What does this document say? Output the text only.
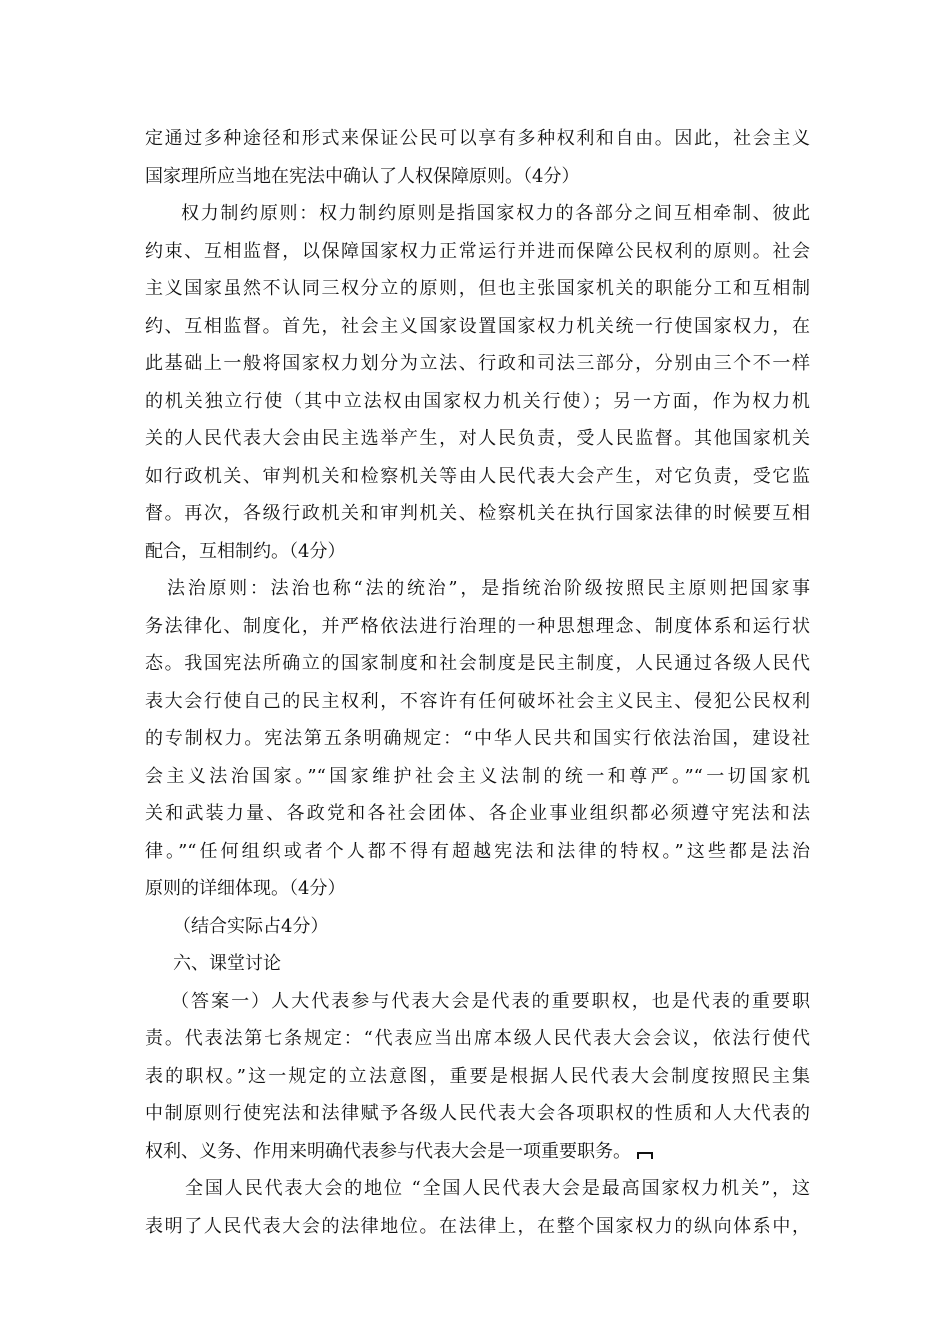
定通过多种途径和形式来保证公民可以享有多种权利和自由。因此，社会主义
国家理所应当地在宪法中确认了人权保障原则。（4分）
权力制约原则：权力制约原则是指国家权力的各部分之间互相牵制、彼此
约束、互相监督，以保障国家权力正常运行并进而保障公民权利的原则。社会
主义国家虽然不认同三权分立的原则，但也主张国家机关的职能分工和互相制
约、互相监督。首先，社会主义国家设置国家权力机关统一行使国家权力，在
此基础上一般将国家权力划分为立法、行政和司法三部分，分别由三个不一样
的机关独立行使（其中立法权由国家权力机关行使）；另一方面，作为权力机
关的人民代表大会由民主选举产生，对人民负责，受人民监督。其他国家机关
如行政机关、审判机关和检察机关等由人民代表大会产生，对它负责，受它监
督。再次，各级行政机关和审判机关、检察机关在执行国家法律的时候要互相
配合，互相制约。（4分）
法治原则：法治也称“法的统治”，是指统治阶级按照民主原则把国家事
务法律化、制度化，并严格依法进行治理的一种思想理念、制度体系和运行状
态。我国宪法所确立的国家制度和社会制度是民主制度，人民通过各级人民代
表大会行使自己的民主权利，不容许有任何破坏社会主义民主、侵犯公民权利
的专制权力。宪法第五条明确规定：“中华人民共和国实行依法治国，建设社
会主义法治国家。”“国家维护社会主义法制的统一和尊严。”“一切国家机
关和武装力量、各政党和各社会团体、各企业事业组织都必须遵守宪法和法
律。”“任何组织或者个人都不得有超越宪法和法律的特权。”这些都是法治
原则的详细体现。（4分）
（结合实际占4分）
六、课堂讨论
（答案一）人大代表参与代表大会是代表的重要职权，也是代表的重要职
责。代表法第七条规定：“代表应当出席本级人民代表大会会议，依法行使代
表的职权。”这一规定的立法意图，重要是根据人民代表大会制度按照民主集
中制原则行使宪法和法律赋予各级人民代表大会各项职权的性质和人大代表的
权利、义务、作用来明确代表参与代表大会是一项重要职务。
全国人民代表大会的地位 “全国人民代表大会是最高国家权力机关”，这
表明了人民代表大会的法律地位。在法律上，在整个国家权力的纵向体系中，
